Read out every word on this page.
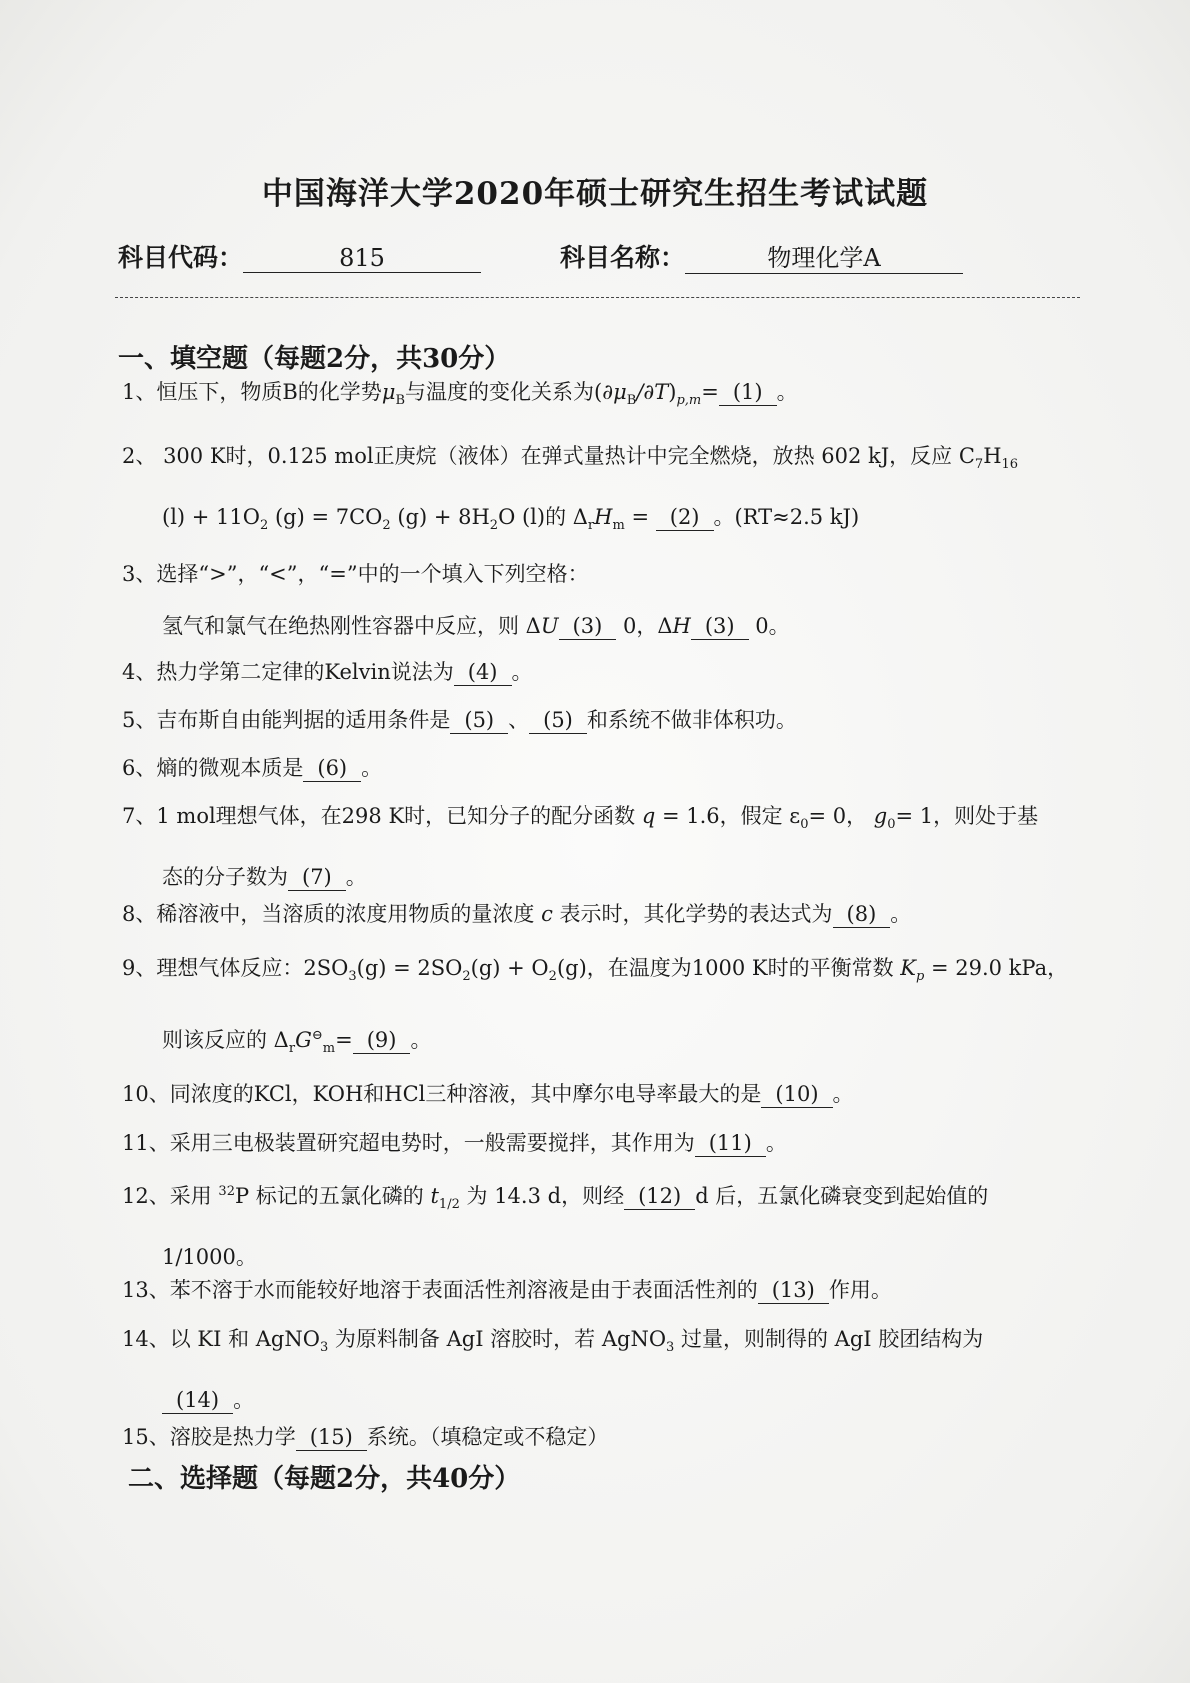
中国海洋大学2020年硕士研究生招生考试试题
科目代码：	815	科目名称：	物理化学A
一、填空题（每题2分，共30分）
1、恒压下，物质B的化学势$\mu_B$与温度的变化关系为$(\partial\mu_B/\partial T)_{p,m}= (1)$ 。
2、 300 K时，0.125 mol正庚烷（液体）在弹式量热计中完全燃烧，放热 602 kJ，反应 $C_7H_{16}$
$(l) + 11O_2$ $(g) = 7CO_2$ $(g) + 8H_2O$ (l)的 $\Delta_rH_m = (2)$ 。(RT≈2.5 kJ)
3、选择“>”，“<”，“=”中的一个填入下列空格：
氢气和氯气在绝热刚性容器中反应，则 ΔU (3) 0，ΔH (3) 0。
4、热力学第二定律的Kelvin说法为 (4) 。
5、吉布斯自由能判据的适用条件是 (5) 、 (5) 和系统不做非体积功。
6、熵的微观本质是 (6) 。
7、1 mol理想气体，在298 K时，已知分子的配分函数 q = 1.6，假定 $\varepsilon_0= 0$， $g_0= 1$，则处于基
态的分子数为 (7) 。
8、稀溶液中，当溶质的浓度用物质的量浓度 c 表示时，其化学势的表达式为 (8) 。
9、理想气体反应：$2SO_3(g) = 2SO_2(g) + O_2(g)$，在温度为1000 K时的平衡常数 $K_p = 29.0$ kPa，
则该反应的 $\Delta_rG^⊖_m= (9)$ 。
10、同浓度的KCl，KOH和HCl三种溶液，其中摩尔电导率最大的是 (10) 。
11、采用三电极装置研究超电势时，一般需要搅拌，其作用为 (11) 。
12、采用 $^{32}$P 标记的五氯化磷的 $t_{1/2}$ 为 14.3 d，则经 (12) d 后，五氯化磷衰变到起始值的
1/1000。
13、苯不溶于水而能较好地溶于表面活性剂溶液是由于表面活性剂的 (13) 作用。
14、以 KI 和 AgNO$_3$ 为原料制备 AgI 溶胶时，若 AgNO$_3$ 过量，则制得的 AgI 胶团结构为
(14) 。
15、溶胶是热力学 (15) 系统。（填稳定或不稳定）
二、选择题（每题2分，共40分）
